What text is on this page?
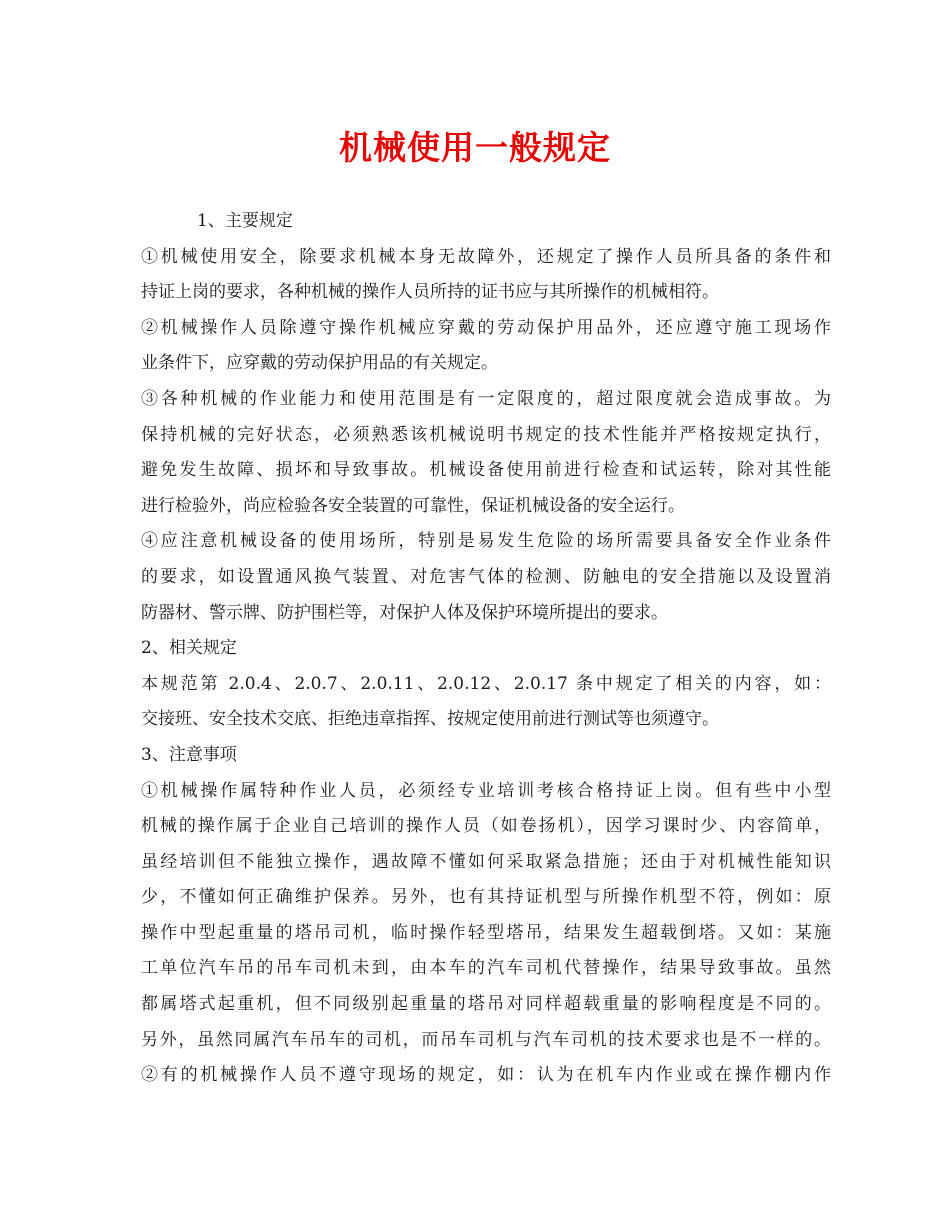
机械使用一般规定
1、主要规定
①机械使用安全，除要求机械本身无故障外，还规定了操作人员所具备的条件和
持证上岗的要求，各种机械的操作人员所持的证书应与其所操作的机械相符。
②机械操作人员除遵守操作机械应穿戴的劳动保护用品外，还应遵守施工现场作
业条件下，应穿戴的劳动保护用品的有关规定。
③各种机械的作业能力和使用范围是有一定限度的，超过限度就会造成事故。为
保持机械的完好状态，必须熟悉该机械说明书规定的技术性能并严格按规定执行，
避免发生故障、损坏和导致事故。机械设备使用前进行检查和试运转，除对其性能
进行检验外，尚应检验各安全装置的可靠性，保证机械设备的安全运行。
④应注意机械设备的使用场所，特别是易发生危险的场所需要具备安全作业条件
的要求，如设置通风换气装置、对危害气体的检测、防触电的安全措施以及设置消
防器材、警示牌、防护围栏等，对保护人体及保护环境所提出的要求。
2、相关规定
本规范第 2.0.4、2.0.7、2.0.11、2.0.12、2.0.17 条中规定了相关的内容，如：
交接班、安全技术交底、拒绝违章指挥、按规定使用前进行测试等也须遵守。
3、注意事项
①机械操作属特种作业人员，必须经专业培训考核合格持证上岗。但有些中小型
机械的操作属于企业自己培训的操作人员（如卷扬机），因学习课时少、内容简单，
虽经培训但不能独立操作，遇故障不懂如何采取紧急措施；还由于对机械性能知识
少，不懂如何正确维护保养。另外，也有其持证机型与所操作机型不符，例如：原
操作中型起重量的塔吊司机，临时操作轻型塔吊，结果发生超载倒塔。又如：某施
工单位汽车吊的吊车司机未到，由本车的汽车司机代替操作，结果导致事故。虽然
都属塔式起重机，但不同级别起重量的塔吊对同样超载重量的影响程度是不同的。
另外，虽然同属汽车吊车的司机，而吊车司机与汽车司机的技术要求也是不一样的。
②有的机械操作人员不遵守现场的规定，如：认为在机车内作业或在操作棚内作
